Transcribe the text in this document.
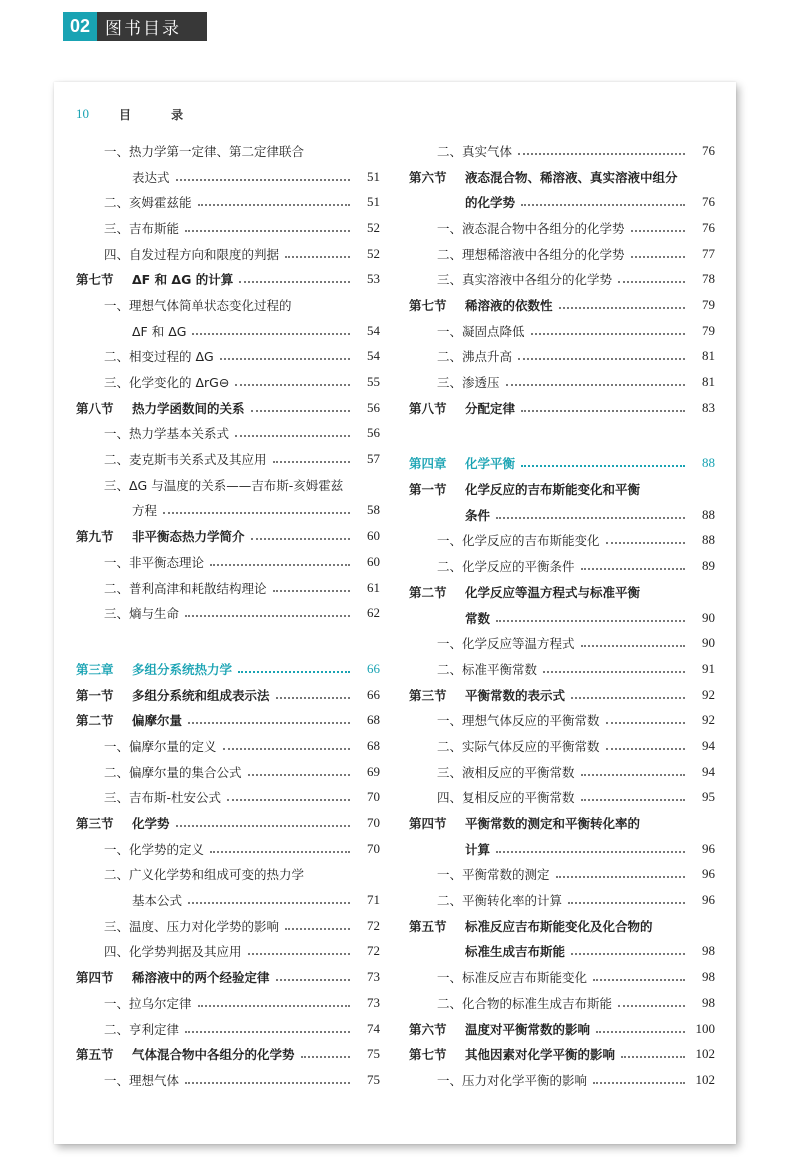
02 图书目录
10	目 录
一、热力学第一定律、第二定律联合
表达式	51
二、亥姆霍兹能	51
三、吉布斯能	52
四、自发过程方向和限度的判据	52
第七节	ΔF 和 ΔG 的计算	53
一、理想气体简单状态变化过程的
ΔF 和 ΔG	54
二、相变过程的 ΔG	54
三、化学变化的 ΔrG⊖	55
第八节	热力学函数间的关系	56
一、热力学基本关系式	56
二、麦克斯韦关系式及其应用	57
三、ΔG 与温度的关系——吉布斯-亥姆霍兹
方程	58
第九节	非平衡态热力学简介	60
一、非平衡态理论	60
二、普利高津和耗散结构理论	61
三、熵与生命	62
第三章	多组分系统热力学	66
第一节	多组分系统和组成表示法	66
第二节	偏摩尔量	68
一、偏摩尔量的定义	68
二、偏摩尔量的集合公式	69
三、吉布斯-杜安公式	70
第三节	化学势	70
一、化学势的定义	70
二、广义化学势和组成可变的热力学
基本公式	71
三、温度、压力对化学势的影响	72
四、化学势判据及其应用	72
第四节	稀溶液中的两个经验定律	73
一、拉乌尔定律	73
二、亨利定律	74
第五节	气体混合物中各组分的化学势	75
一、理想气体	75
二、真实气体	76
第六节	液态混合物、稀溶液、真实溶液中组分
的化学势	76
一、液态混合物中各组分的化学势	76
二、理想稀溶液中各组分的化学势	77
三、真实溶液中各组分的化学势	78
第七节	稀溶液的依数性	79
一、凝固点降低	79
二、沸点升高	81
三、渗透压	81
第八节	分配定律	83
第四章	化学平衡	88
第一节	化学反应的吉布斯能变化和平衡
条件	88
一、化学反应的吉布斯能变化	88
二、化学反应的平衡条件	89
第二节	化学反应等温方程式与标准平衡
常数	90
一、化学反应等温方程式	90
二、标准平衡常数	91
第三节	平衡常数的表示式	92
一、理想气体反应的平衡常数	92
二、实际气体反应的平衡常数	94
三、液相反应的平衡常数	94
四、复相反应的平衡常数	95
第四节	平衡常数的测定和平衡转化率的
计算	96
一、平衡常数的测定	96
二、平衡转化率的计算	96
第五节	标准反应吉布斯能变化及化合物的
标准生成吉布斯能	98
一、标准反应吉布斯能变化	98
二、化合物的标准生成吉布斯能	98
第六节	温度对平衡常数的影响	100
第七节	其他因素对化学平衡的影响	102
一、压力对化学平衡的影响	102
